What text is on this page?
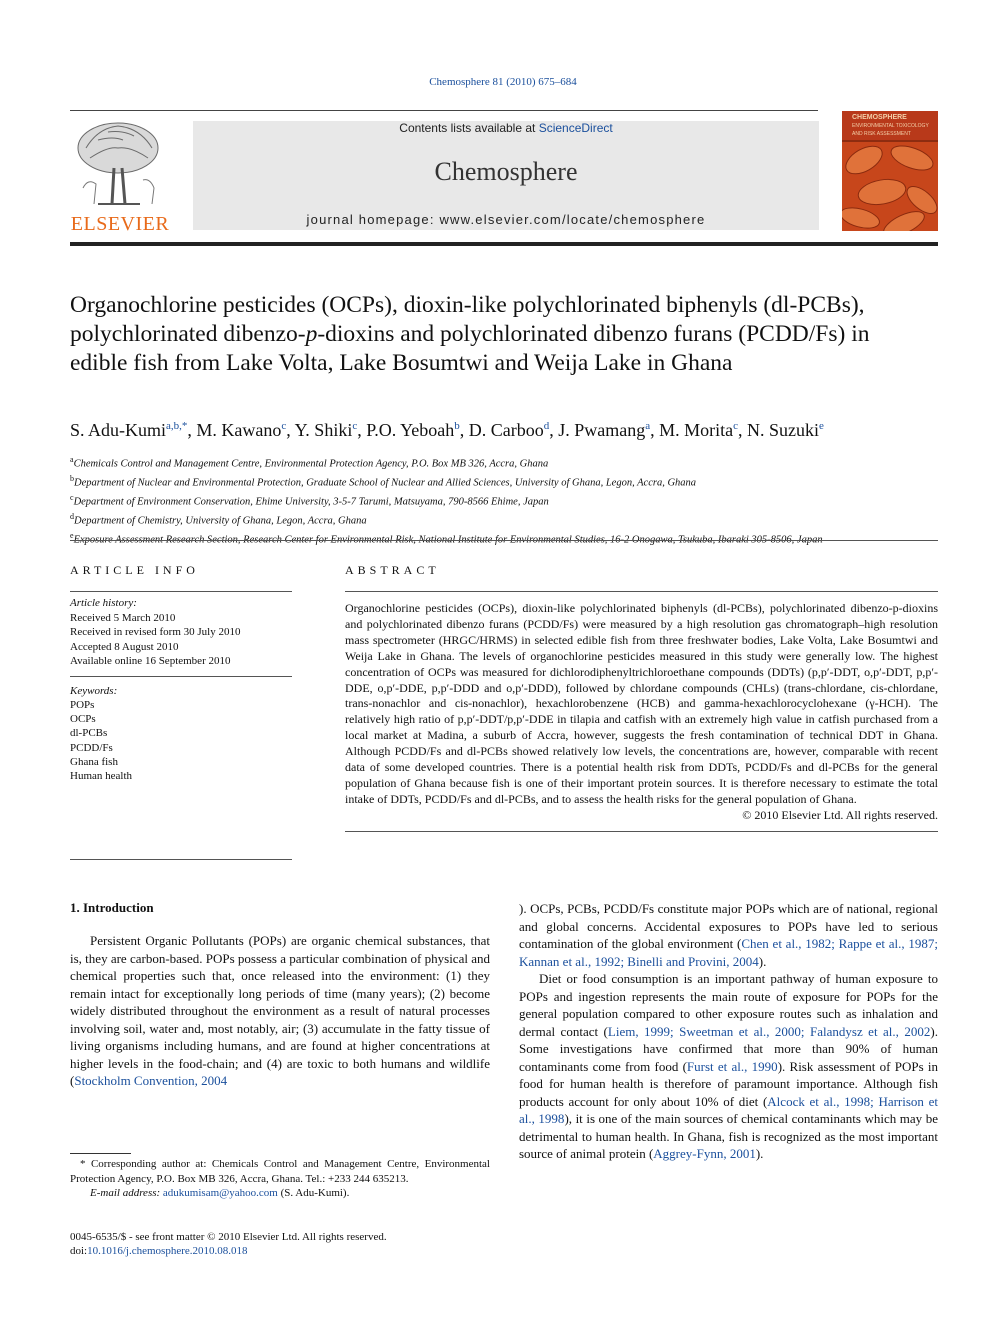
Chemosphere 81 (2010) 675–684
ELSEVIER
Contents lists available at ScienceDirect
Chemosphere
journal homepage: www.elsevier.com/locate/chemosphere
CHEMOSPHERE
ENVIRONMENTAL TOXICOLOGY
AND RISK ASSESSMENT
Organochlorine pesticides (OCPs), dioxin-like polychlorinated biphenyls (dl-PCBs), polychlorinated dibenzo-p-dioxins and polychlorinated dibenzo furans (PCDD/Fs) in edible fish from Lake Volta, Lake Bosumtwi and Weija Lake in Ghana
S. Adu-Kumi$^{a,b,*}$, M. Kawano$^c$, Y. Shiki$^c$, P.O. Yeboah$^b$, D. Carboo$^d$, J. Pwamang$^a$, M. Morita$^c$, N. Suzuki$^e$
$^a$Chemicals Control and Management Centre, Environmental Protection Agency, P.O. Box MB 326, Accra, Ghana
$^b$Department of Nuclear and Environmental Protection, Graduate School of Nuclear and Allied Sciences, University of Ghana, Legon, Accra, Ghana
$^c$Department of Environment Conservation, Ehime University, 3-5-7 Tarumi, Matsuyama, 790-8566 Ehime, Japan
$^d$Department of Chemistry, University of Ghana, Legon, Accra, Ghana
$^e$Exposure Assessment Research Section, Research Center for Environmental Risk, National Institute for Environmental Studies, 16-2 Onogawa, Tsukuba, Ibaraki 305-8506, Japan
ARTICLE INFO
Article history:
Received 5 March 2010
Received in revised form 30 July 2010
Accepted 8 August 2010
Available online 16 September 2010
Keywords:
POPs
OCPs
dl-PCBs
PCDD/Fs
Ghana fish
Human health
ABSTRACT
Organochlorine pesticides (OCPs), dioxin-like polychlorinated biphenyls (dl-PCBs), polychlorinated dibenzo-p-dioxins and polychlorinated dibenzo furans (PCDD/Fs) were measured by a high resolution gas chromatograph–high resolution mass spectrometer (HRGC/HRMS) in selected edible fish from three freshwater bodies, Lake Volta, Lake Bosumtwi and Weija Lake in Ghana. The levels of organochlorine pesticides measured in this study were generally low. The highest concentration of OCPs was measured for dichlorodiphenyltrichloroethane compounds (DDTs) (p,p′-DDT, o,p′-DDT, p,p′-DDE, o,p′-DDE, p,p′-DDD and o,p′-DDD), followed by chlordane compounds (CHLs) (trans-chlordane, cis-chlordane, trans-nonachlor and cis-nonachlor), hexachlorobenzene (HCB) and gamma-hexachlorocyclohexane (γ-HCH). The relatively high ratio of p,p′-DDT/p,p′-DDE in tilapia and catfish with an extremely high value in catfish purchased from a local market at Madina, a suburb of Accra, however, suggests the fresh contamination of technical DDT in Ghana. Although PCDD/Fs and dl-PCBs showed relatively low levels, the concentrations are, however, comparable with recent data of some developed countries. There is a potential health risk from DDTs, PCDD/Fs and dl-PCBs for the general population of Ghana because fish is one of their important protein sources. It is therefore necessary to estimate the total intake of DDTs, PCDD/Fs and dl-PCBs, and to assess the health risks for the general population of Ghana.
© 2010 Elsevier Ltd. All rights reserved.
1. Introduction

Persistent Organic Pollutants (POPs) are organic chemical substances, that is, they are carbon-based. POPs possess a particular combination of physical and chemical properties such that, once released into the environment: (1) they remain intact for exceptionally long periods of time (many years); (2) become widely distributed throughout the environment as a result of natural processes involving soil, water and, most notably, air; (3) accumulate in the fatty tissue of living organisms including humans, and are found at higher concentrations at higher levels in the food-chain; and (4) are toxic to both humans and wildlife (Stockholm Convention, 2004

). OCPs, PCBs, PCDD/Fs constitute major POPs which are of national, regional and global concerns. Accidental exposures to POPs have led to serious contamination of the global environment (Chen et al., 1982; Rappe et al., 1987; Kannan et al., 1992; Binelli and Provini, 2004).

Diet or food consumption is an important pathway of human exposure to POPs and ingestion represents the main route of exposure for POPs for the general population compared to other exposure routes such as inhalation and dermal contact (Liem, 1999; Sweetman et al., 2000; Falandysz et al., 2002). Some investigations have confirmed that more than 90% of human contaminants come from food (Furst et al., 1990). Risk assessment of POPs in food for human health is therefore of paramount importance. Although fish products account for only about 10% of diet (Alcock et al., 1998; Harrison et al., 1998), it is one of the main sources of chemical contaminants which may be detrimental to human health. In Ghana, fish is recognized as the most important source of animal protein (Aggrey-Fynn, 2001).

* Corresponding author at: Chemicals Control and Management Centre, Environmental Protection Agency, P.O. Box MB 326, Accra, Ghana. Tel.: +233 244 635213.
E-mail address: adukumisam@yahoo.com (S. Adu-Kumi).
0045-6535/$ - see front matter © 2010 Elsevier Ltd. All rights reserved.
doi:10.1016/j.chemosphere.2010.08.018
